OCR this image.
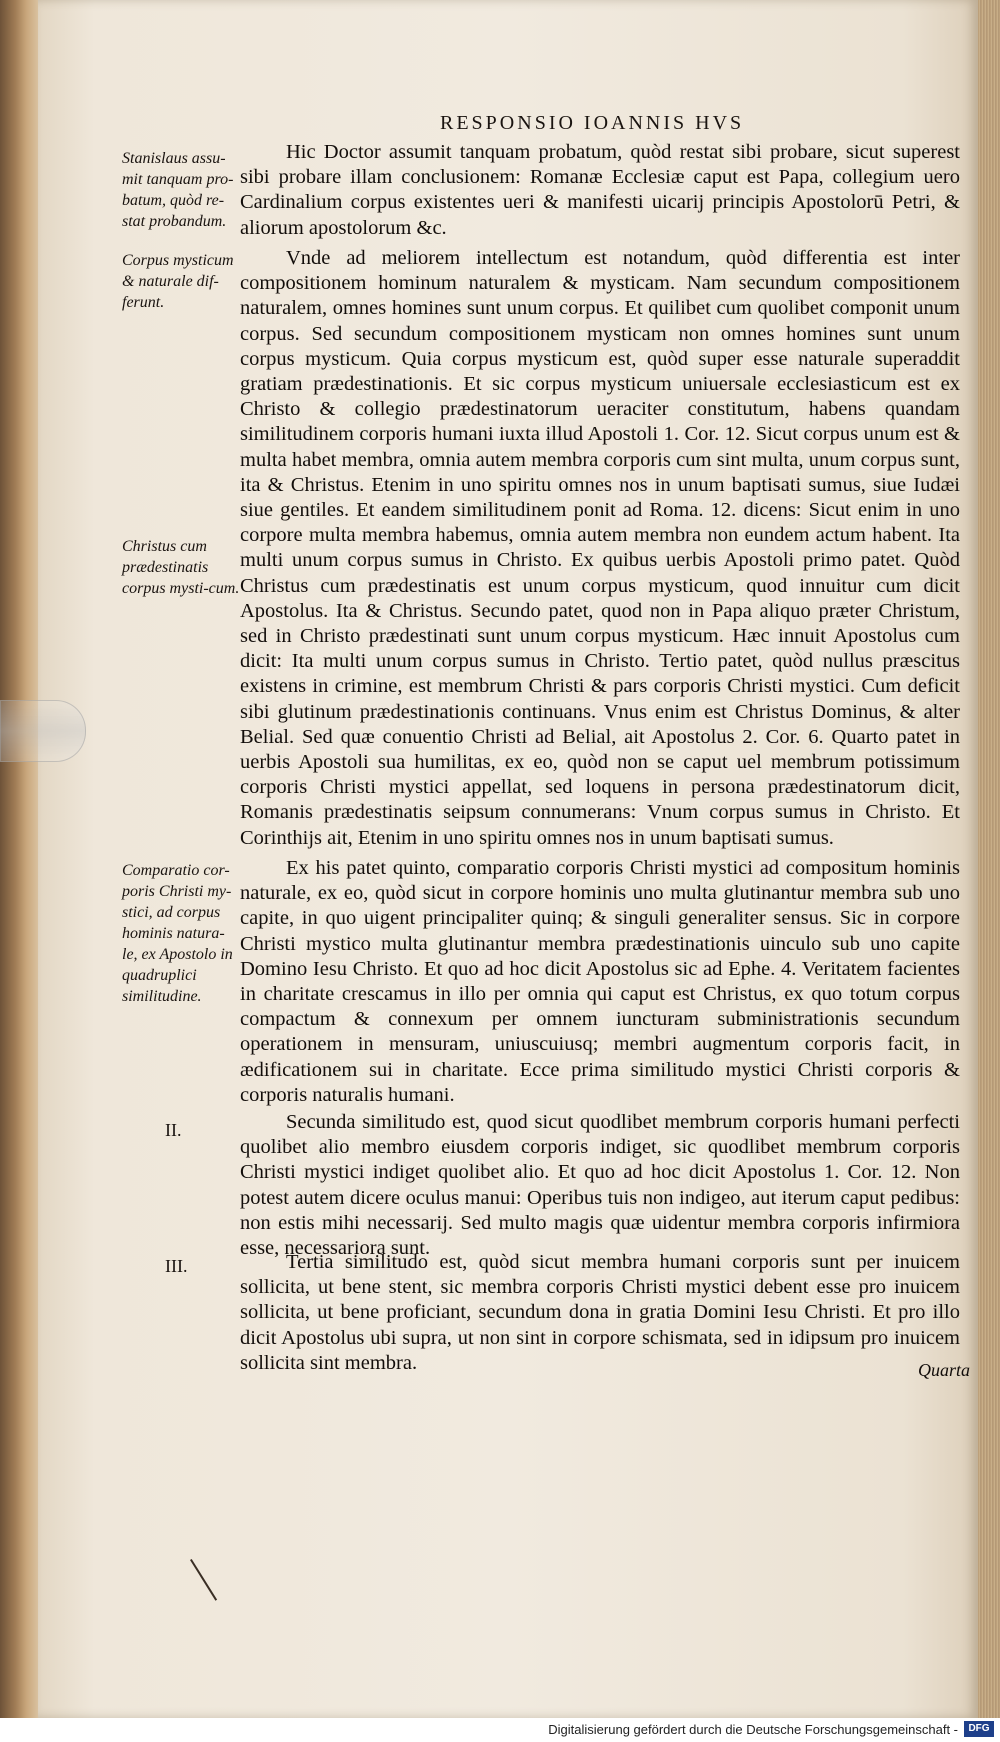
RESPONSIO IOANNIS HVS
Stanislaus assu-mit tanquam pro-batum, quòd re-stat probandum.
Corpus mysticum & naturale dif-ferunt.
Christus cum prædestinatis corpus mysti-cum.
Comparatio cor-poris Christi my-stici, ad corpus hominis natura-le, ex Apostolo in quadruplici similitudine.
II.
III.
Hic Doctor assumit tanquam probatum, quòd restat sibi probare, sicut superest sibi probare illam conclusionem: Romanæ Ecclesiæ caput est Papa, collegium uero Cardinalium corpus existentes ueri & manifesti uicarij principis Apostolorū Petri, & aliorum apostolorum &c.
Vnde ad meliorem intellectum est notandum, quòd differentia est inter compositionem hominum naturalem & mysticam. Nam secundum compositionem naturalem, omnes homines sunt unum corpus. Et quilibet cum quolibet componit unum corpus. Sed secundum compositionem mysticam non omnes homines sunt unum corpus mysticum. Quia corpus mysticum est, quòd super esse naturale superaddit gratiam prædestinationis. Et sic corpus mysticum uniuersale ecclesiasticum est ex Christo & collegio prædestinatorum ueraciter constitutum, habens quandam similitudinem corporis humani iuxta illud Apostoli 1. Cor. 12. Sicut corpus unum est & multa habet membra, omnia autem membra corporis cum sint multa, unum corpus sunt, ita & Christus. Etenim in uno spiritu omnes nos in unum baptisati sumus, siue Iudæi siue gentiles. Et eandem similitudinem ponit ad Roma. 12. dicens: Sicut enim in uno corpore multa membra habemus, omnia autem membra non eundem actum habent. Ita multi unum corpus sumus in Christo. Ex quibus uerbis Apostoli primo patet. Quòd Christus cum prædestinatis est unum corpus mysticum, quod innuitur cum dicit Apostolus. Ita & Christus. Secundo patet, quod non in Papa aliquo præter Christum, sed in Christo prædestinati sunt unum corpus mysticum. Hæc innuit Apostolus cum dicit: Ita multi unum corpus sumus in Christo. Tertio patet, quòd nullus præscitus existens in crimine, est membrum Christi & pars corporis Christi mystici. Cum deficit sibi glutinum prædestinationis continuans. Vnus enim est Christus Dominus, & alter Belial. Sed quæ conuentio Christi ad Belial, ait Apostolus 2. Cor. 6. Quarto patet in uerbis Apostoli sua humilitas, ex eo, quòd non se caput uel membrum potissimum corporis Christi mystici appellat, sed loquens in persona prædestinatorum dicit, Romanis prædestinatis seipsum connumerans: Vnum corpus sumus in Christo. Et Corinthijs ait, Etenim in uno spiritu omnes nos in unum baptisati sumus.
Ex his patet quinto, comparatio corporis Christi mystici ad compositum hominis naturale, ex eo, quòd sicut in corpore hominis uno multa glutinantur membra sub uno capite, in quo uigent principaliter quinq; & singuli generaliter sensus. Sic in corpore Christi mystico multa glutinantur membra prædestinationis uinculo sub uno capite Domino Iesu Christo. Et quo ad hoc dicit Apostolus sic ad Ephe. 4. Veritatem facientes in charitate crescamus in illo per omnia qui caput est Christus, ex quo totum corpus compactum & connexum per omnem iuncturam subministrationis secundum operationem in mensuram, uniuscuiusq; membri augmentum corporis facit, in ædificationem sui in charitate. Ecce prima similitudo mystici Christi corporis & corporis naturalis humani.
Secunda similitudo est, quod sicut quodlibet membrum corporis humani perfecti quolibet alio membro eiusdem corporis indiget, sic quodlibet membrum corporis Christi mystici indiget quolibet alio. Et quo ad hoc dicit Apostolus 1. Cor. 12. Non potest autem dicere oculus manui: Operibus tuis non indigeo, aut iterum caput pedibus: non estis mihi necessarij. Sed multo magis quæ uidentur membra corporis infirmiora esse, necessariora sunt.
Tertia similitudo est, quòd sicut membra humani corporis sunt per inuicem sollicita, ut bene stent, sic membra corporis Christi mystici debent esse pro inuicem sollicita, ut bene proficiant, secundum dona in gratia Domini Iesu Christi. Et pro illo dicit Apostolus ubi supra, ut non sint in corpore schismata, sed in idipsum pro inuicem sollicita sint membra.	Quarta
Digitalisierung gefördert durch die Deutsche Forschungsgemeinschaft -	DFG
